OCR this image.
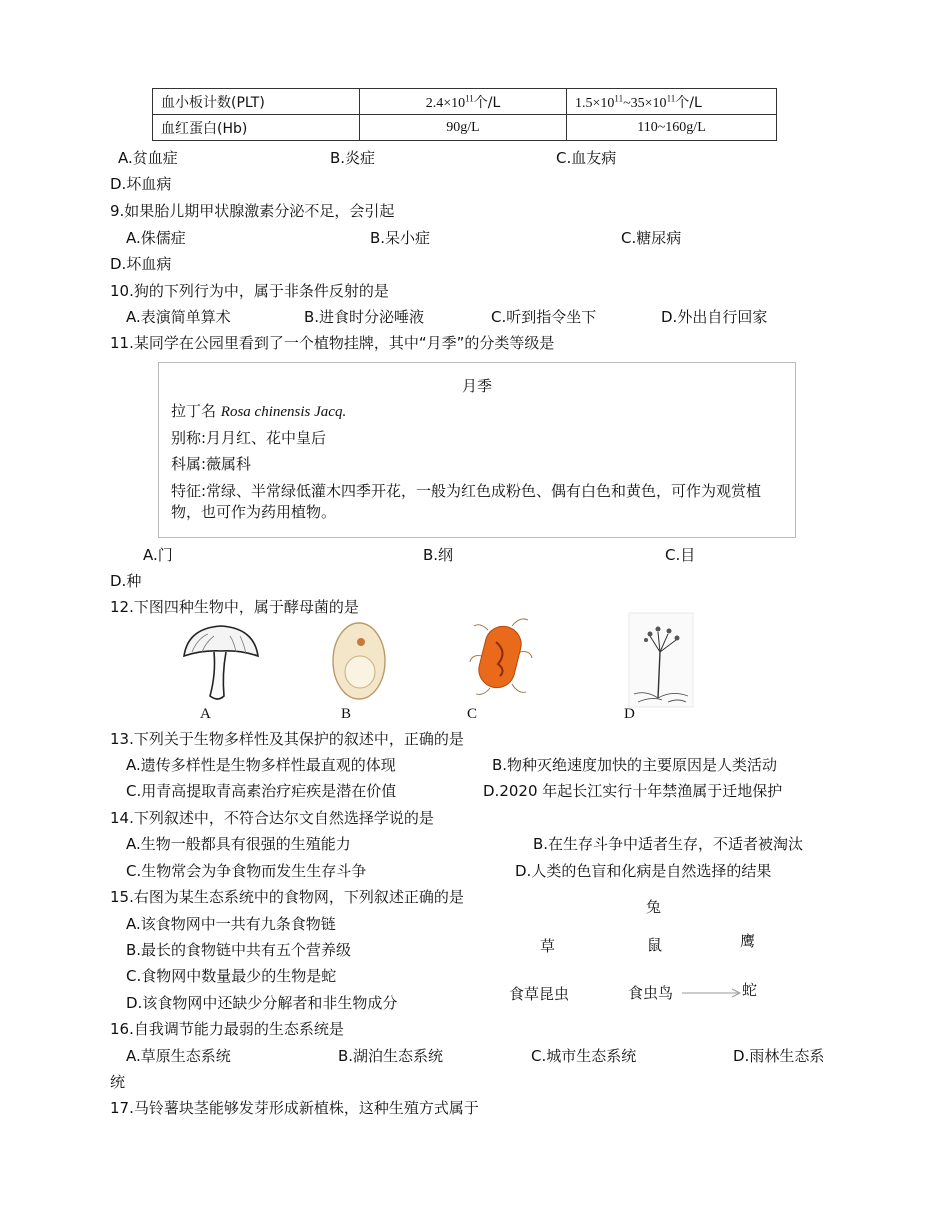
血小板计数(PLT)	$2.4\times 10^{11}$个/L	$1.5\times 10^{11}\sim 35\times 10^{11}$个/L
血红蛋白(Hb)	90g/L	110~160g/L
A.贫血症	B.炎症	C.血友病
D.坏血病
9.如果胎儿期甲状腺激素分泌不足，会引起
A.侏儒症	B.呆小症	C.糖尿病
D.坏血病
10.狗的下列行为中，属于非条件反射的是
A.表演简单算术	B.进食时分泌唾液	C.听到指令坐下	D.外出自行回家
11.某同学在公园里看到了一个植物挂牌，其中“月季”的分类等级是
月季
拉丁名 Rosa chinensis Jacq.
别称:月月红、花中皇后
科属:薇属科
特征:常绿、半常绿低灌木四季开花，一般为红色成粉色、偶有白色和黄色，可作为观赏植物，也可作为药用植物。
A.门	B.纲	C.目
D.种
12.下图四种生物中，属于酵母菌的是
A	B	C	D
13.下列关于生物多样性及其保护的叙述中，正确的是
A.遗传多样性是生物多样性最直观的体现	B.物种灭绝速度加快的主要原因是人类活动
C.用青高提取青高素治疗疟疾是潜在价值	D.2020 年起长江实行十年禁渔属于迁地保护
14.下列叙述中，不符合达尔文自然选择学说的是
A.生物一般都具有很强的生殖能力	B.在生存斗争中适者生存，不适者被淘汰
C.生物常会为争食物而发生生存斗争	D.人类的色盲和化病是自然选择的结果
15.右图为某生态系统中的食物网，下列叙述正确的是
A.该食物网中一共有九条食物链
B.最长的食物链中共有五个营养级
C.食物网中数量最少的生物是蛇
D.该食物网中还缺少分解者和非生物成分
兔
草	鼠	鹰
食草昆虫	食虫鸟	蛇
16.自我调节能力最弱的生态系统是
A.草原生态系统	B.湖泊生态系统	C.城市生态系统	D.雨林生态系
统
17.马铃薯块茎能够发芽形成新植株，这种生殖方式属于
